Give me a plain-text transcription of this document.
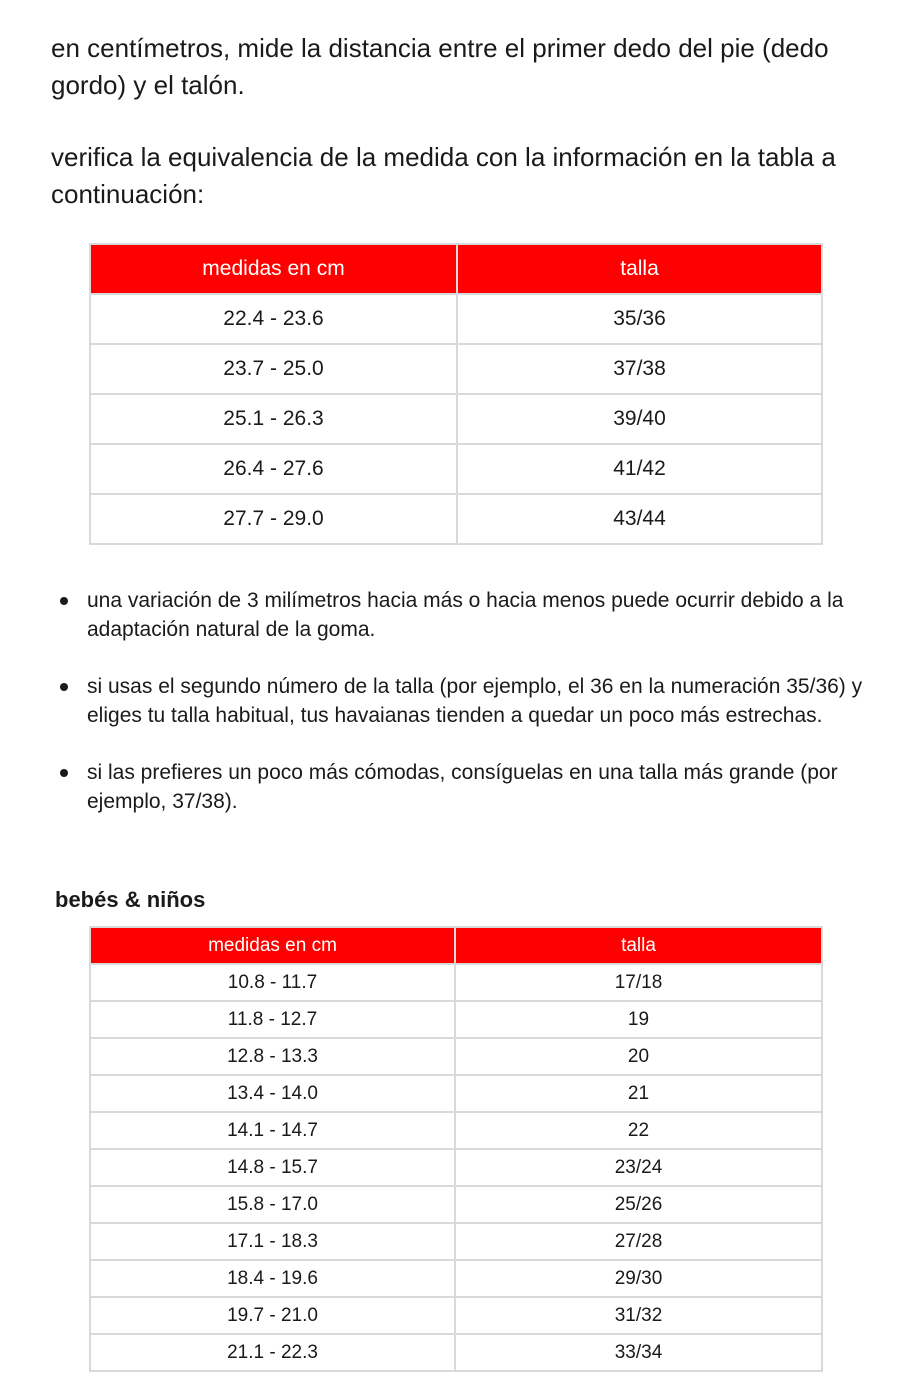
en centímetros, mide la distancia entre el primer dedo del pie (dedo gordo) y el talón.

verifica la equivalencia de la medida con la información en la tabla a continuación:

medidas en cm	talla
22.4 - 23.6	35/36
23.7 - 25.0	37/38
25.1 - 26.3	39/40
26.4 - 27.6	41/42
27.7 - 29.0	43/44
una variación de 3 milímetros hacia más o hacia menos puede ocurrir debido a la adaptación natural de la goma.
si usas el segundo número de la talla (por ejemplo, el 36 en la numeración 35/36) y eliges tu talla habitual, tus havaianas tienden a quedar un poco más estrechas.
si las prefieres un poco más cómodas, consíguelas en una talla más grande (por ejemplo, 37/38).
bebés & niños
medidas en cm	talla
10.8 - 11.7	17/18
11.8 - 12.7	19
12.8 - 13.3	20
13.4 - 14.0	21
14.1 - 14.7	22
14.8 - 15.7	23/24
15.8 - 17.0	25/26
17.1 - 18.3	27/28
18.4 - 19.6	29/30
19.7 - 21.0	31/32
21.1 - 22.3	33/34
